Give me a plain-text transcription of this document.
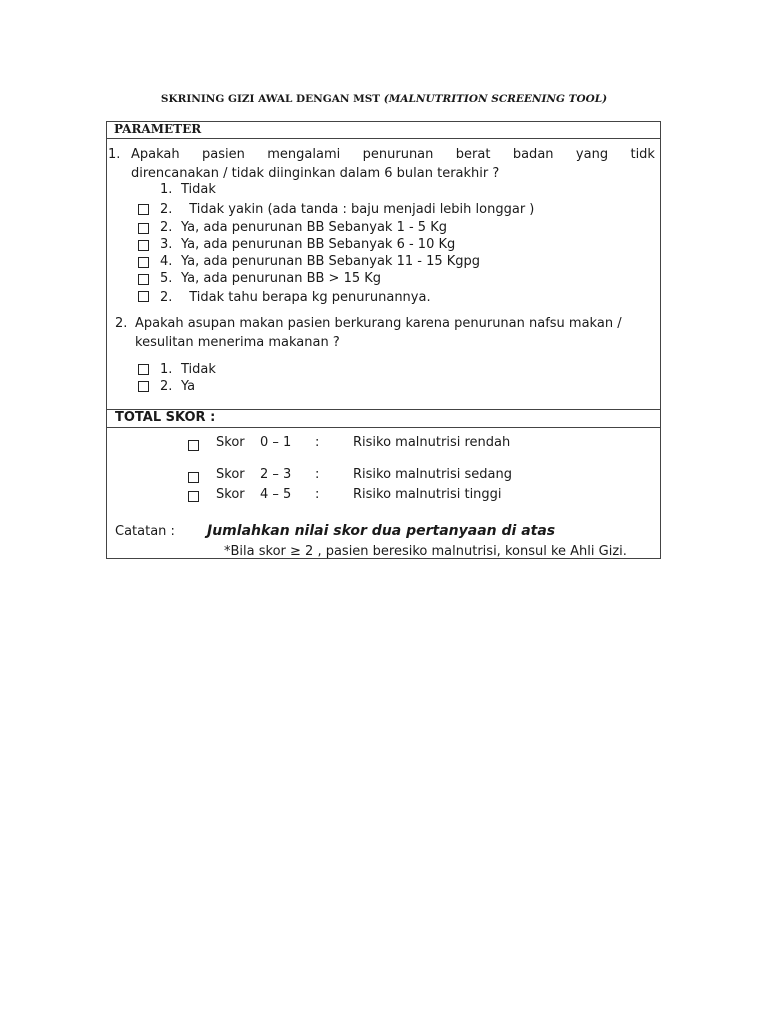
SKRINING GIZI AWAL DENGAN MST (MALNUTRITION SCREENING TOOL)
PARAMETER
1. Apakah pasien mengalami penurunan berat badan yang tidk
direncanakan / tidak diinginkan dalam 6 bulan terakhir ?
1. Tidak
2. Tidak yakin (ada tanda : baju menjadi lebih longgar )
2. Ya, ada penurunan BB Sebanyak 1 - 5 Kg
3. Ya, ada penurunan BB Sebanyak 6 - 10 Kg
4. Ya, ada penurunan BB Sebanyak 11 - 15 Kgpg
5. Ya, ada penurunan BB > 15 Kg
2. Tidak tahu berapa kg penurunannya.
2. Apakah asupan makan pasien berkurang karena penurunan nafsu makan /
kesulitan menerima makanan ?
1. Tidak
2. Ya
TOTAL SKOR :
Skor 0 – 1 :	Risiko malnutrisi rendah
Skor 2 – 3 :	Risiko malnutrisi sedang
Skor 4 – 5 :	Risiko malnutrisi tinggi
Catatan : Jumlahkan nilai skor dua pertanyaan di atas
*Bila skor ≥ 2 , pasien beresiko malnutrisi, konsul ke Ahli Gizi.
